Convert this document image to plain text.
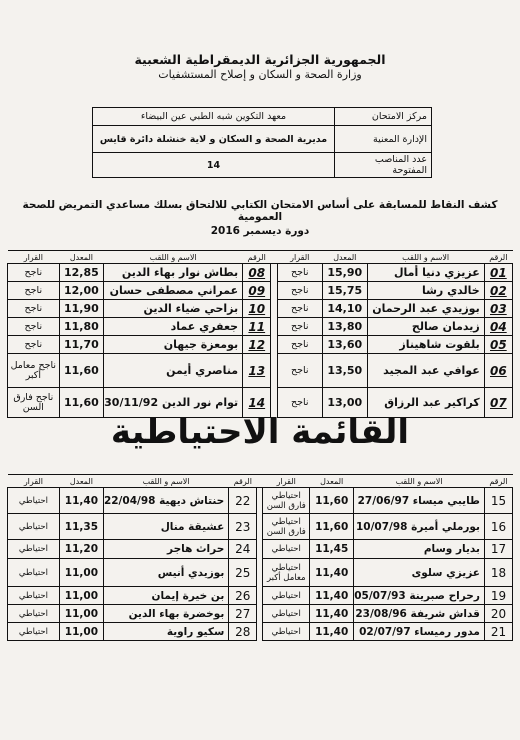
الجمهورية الجزائرية الديمقراطية الشعبية
وزارة الصحة و السكان و إصلاح المستشفيات
مركز الامتحان	معهد التكوين شبه الطبي عين البيضاء
الإدارة المعنية	مديرية الصحة و السكان و لاية خنشلة دائرة قايس
عدد المناصب المفتوحة	14
كشف النقاط للمسابقة على أساس الامتحان الكتابي للالتحاق بسلك مساعدي التمريض للصحة العمومية
دورة ديسمبر 2016
الرقم	الاسم و اللقب	المعدل	القرار		الرقم	الاسم و اللقب	المعدل	القرار
01	عزيزي دنيا أمال	15,90	ناجح		08	بطاش نوار بهاء الدين	12,85	ناجح
02	خالدي رشا	15,75	ناجح		09	عمراني مصطفى حسان	12,00	ناجح
03	بوزيدي عبد الرحمان	14,10	ناجح		10	بزاحي ضياء الدين	11,90	ناجح
04	زيدمان صالح	13,80	ناجح		11	جعفري عماد	11,80	ناجح
05	بلقوت شاهيناز	13,60	ناجح		12	بومعزة جيهان	11,70	ناجح
06	عوافي عبد المجيد	13,50	ناجح		13	مناصري أيمن	11,60	ناجح معامل أكبر
07	كراكير عبد الرزاق	13,00	ناجح		14	توام نور الدين 30/11/92	11,60	ناجح فارق السن
القائمة الاحتياطية
الرقم	الاسم و اللقب	المعدل	القرار		الرقم	الاسم و اللقب	المعدل	القرار
15	طايبي ميساء 27/06/97	11,60	احتياطي فارق السن		22	حنتاش ديهية 22/04/98	11,40	احتياطي
16	بورملي أميرة 10/07/98	11,60	احتياطي فارق السن		23	عشيقة منال	11,35	احتياطي
17	بديار وسام	11,45	احتياطي		24	حراث هاجر	11,20	احتياطي
18	عزيزي سلوى	11,40	احتياطي معامل أكبر		25	بوزيدي أنيس	11,00	احتياطي
19	رحراح صبرينة 05/07/93	11,40	احتياطي		26	بن خيرة إيمان	11,00	احتياطي
20	قداش شريفة 23/08/96	11,40	احتياطي		27	بوخضرة بهاء الدين	11,00	احتياطي
21	مدور رميساء 02/07/97	11,40	احتياطي		28	سكيو راوية	11,00	احتياطي
